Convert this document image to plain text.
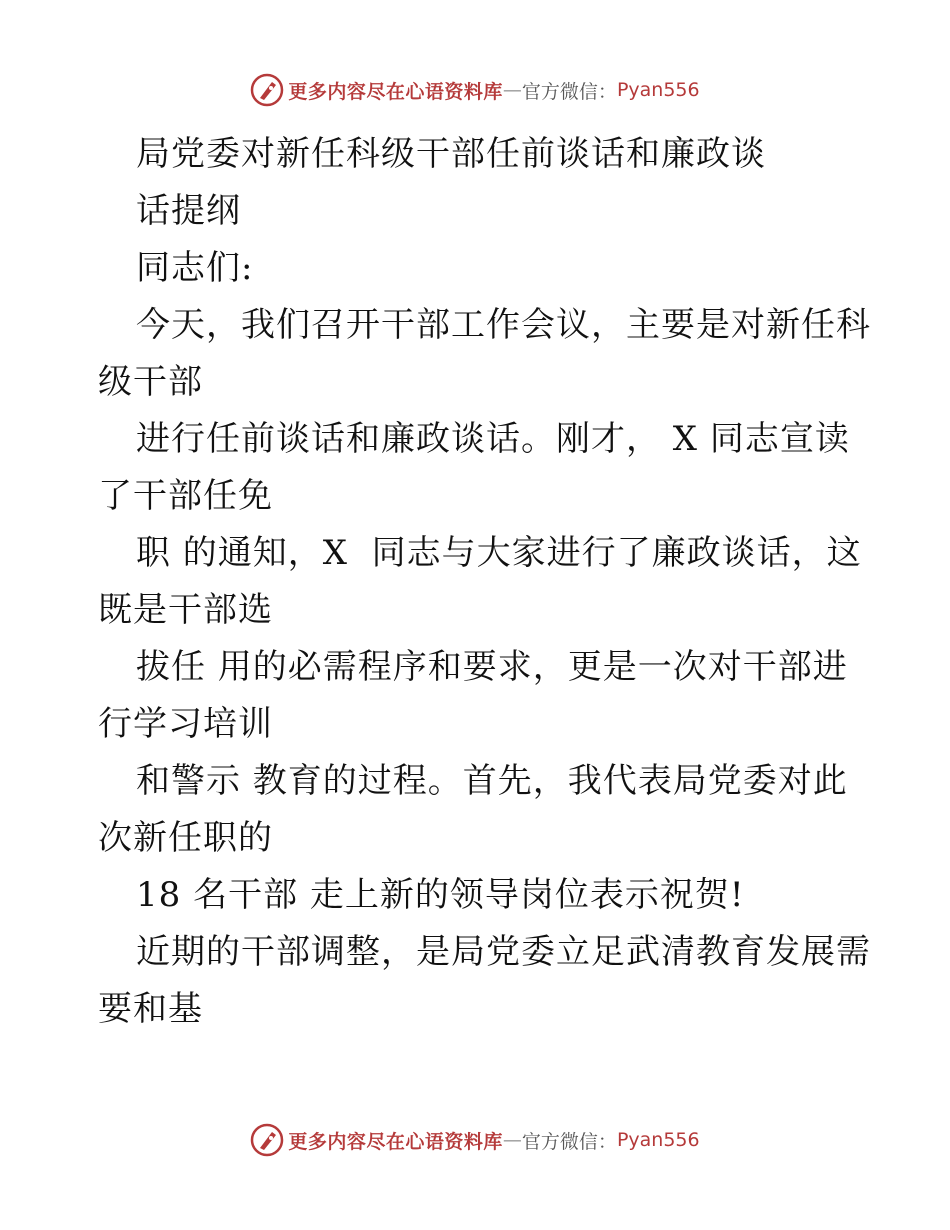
更多内容尽在心语资料库 — 官方微信： Pyan556
局党委对新任科级干部任前谈话和廉政谈
话提纲
同志们:
今天，我们召开干部工作会议，主要是对新任科
级干部
进行任前谈话和廉政谈话。刚才， X 同志宣读
了干部任免
职 的通知，X  同志与大家进行了廉政谈话，这
既是干部选
拔任 用的必需程序和要求，更是一次对干部进
行学习培训
和警示 教育的过程。首先，我代表局党委对此
次新任职的
18 名干部 走上新的领导岗位表示祝贺!
近期的干部调整，是局党委立足武清教育发展需
要和基
更多内容尽在心语资料库 — 官方微信： Pyan556
